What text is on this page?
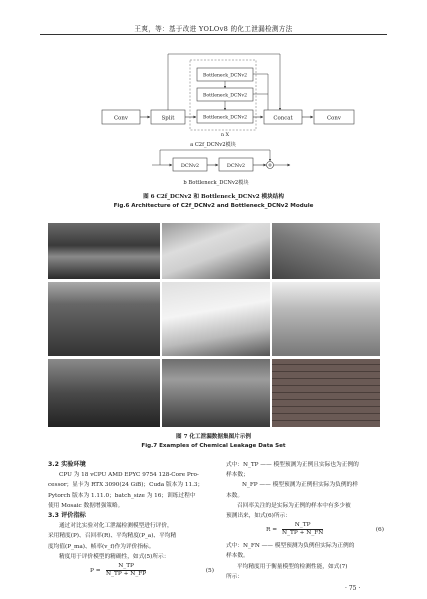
王爽，等：基于改进 YOLOv8 的化工泄漏检测方法
Conv	Split
Bottleneck_DCNv2
Bottleneck_DCNv2
Bottleneck_DCNv2	Concat	Conv
n X
a C2f_DCNv2模块
DCNv2	DCNv2
b Bottleneck_DCNv2模块
图 6 C2f_DCNv2 和 Bottleneck_DCNv2 模块结构
Fig.6 Architecture of C2f_DCNv2 and Bottleneck_DCNv2 Module
图 7 化工泄漏数据集图片示例
Fig.7 Examples of Chemical Leakage Data Set
3.2 实验环境
CPU 为 18 vCPU AMD EPYC 9754 128-Core Pro-
cessor；显卡为 RTX 3090(24 GiB)；Cuda 版本为 11.3；
Pytorch 版本为 1.11.0；batch_size 为 16；训练过程中
使用 Mosaic 数据增强策略。
3.3 评价指标
通过对比实验对化工泄漏检测模型进行评价，
采用精度(P)、召回率(R)、平均精度(P_a)、平均精
度均值(P_ma)、帧率(v_f)作为评价指标。
精度用于评价模型的精确性，如式(5)所示：
$P = \frac{N\_TP}{N\_TP + N\_FP}$	(5)
式中：N_TP —— 模型预测为正例且实际也为正例的
样本数；
N_FP —— 模型预测为正例但实际为负例的样
本数。
召回率关注的是实际为正例的样本中有多少被
预测出来，如式(6)所示：
$R = \frac{N\_TP}{N\_TP + N\_FN}$	(6)
式中：N_FN —— 模型预测为负例但实际为正例的
样本数。
平均精度用于衡量模型的检测性能，如式(7)
所示：
· 75 ·
